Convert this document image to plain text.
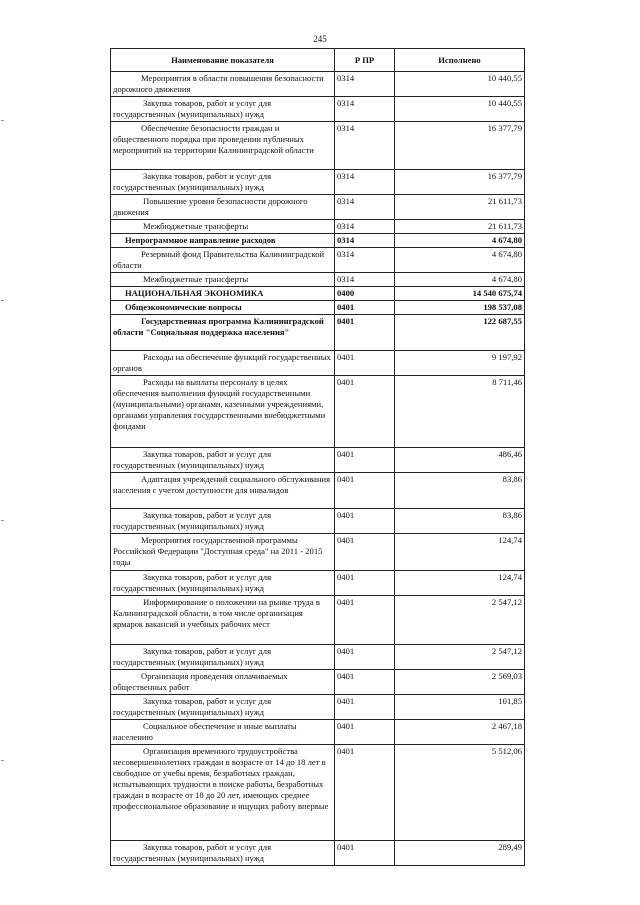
245
Наименование показателя	Р ПР	Исполнено
Мероприятия в области повышения безопасности дорожного движения	0314	10 440,55
Закупка товаров, работ и услуг для государственных (муниципальных) нужд	0314	10 440,55
Обеспечение безопасности граждан и общественного порядка при проведении публичных мероприятий на территории Калининградской области	0314	16 377,79
Закупка товаров, работ и услуг для государственных (муниципальных) нужд	0314	16 377,79
Повышение уровня безопасности дорожного движения	0314	21 611,73
Межбюджетные трансферты	0314	21 611,73
Непрограммное направление расходов	0314	4 674,80
Резервный фонд Правительства Калининградской области	0314	4 674,80
Межбюджетные трансферты	0314	4 674,80
НАЦИОНАЛЬНАЯ ЭКОНОМИКА	0400	14 540 675,74
Общеэкономические вопросы	0401	198 537,08
Государственная программа Калининградской области "Социальная поддержка населения"	0401	122 687,55
Расходы на обеспечение функций государственных органов	0401	9 197,92
Расходы на выплаты персоналу в целях обеспечения выполнения функций государственными (муниципальными) органами, казенными учреждениями, органами управления государственными внебюджетными фондами	0401	8 711,46
Закупка товаров, работ и услуг для государственных (муниципальных) нужд	0401	486,46
Адаптация учреждений социального обслуживания населения с учетом доступности для инвалидов	0401	83,86
Закупка товаров, работ и услуг для государственных (муниципальных) нужд	0401	83,86
Мероприятия государственной программы Российской Федерации "Доступная среда" на 2011 - 2015 годы	0401	124,74
Закупка товаров, работ и услуг для государственных (муниципальных) нужд	0401	124,74
Информирование о положении на рынке труда в Калининградской области, в том числе организация ярмарок вакансий и учебных рабочих мест	0401	2 547,12
Закупка товаров, работ и услуг для государственных (муниципальных) нужд	0401	2 547,12
Организация проведения оплачиваемых общественных работ	0401	2 569,03
Закупка товаров, работ и услуг для государственных (муниципальных) нужд	0401	101,85
Социальное обеспечение и иные выплаты населению	0401	2 467,18
Организация временного трудоустройства несовершеннолетних граждан в возрасте от 14 до 18 лет в свободное от учебы время, безработных граждан, испытывающих трудности в поиске работы, безработных граждан в возрасте от 18 до 20 лет, имеющих среднее профессиональное образование и ищущих работу впервые	0401	5 512,06
Закупка товаров, работ и услуг для государственных (муниципальных) нужд	0401	289,49
